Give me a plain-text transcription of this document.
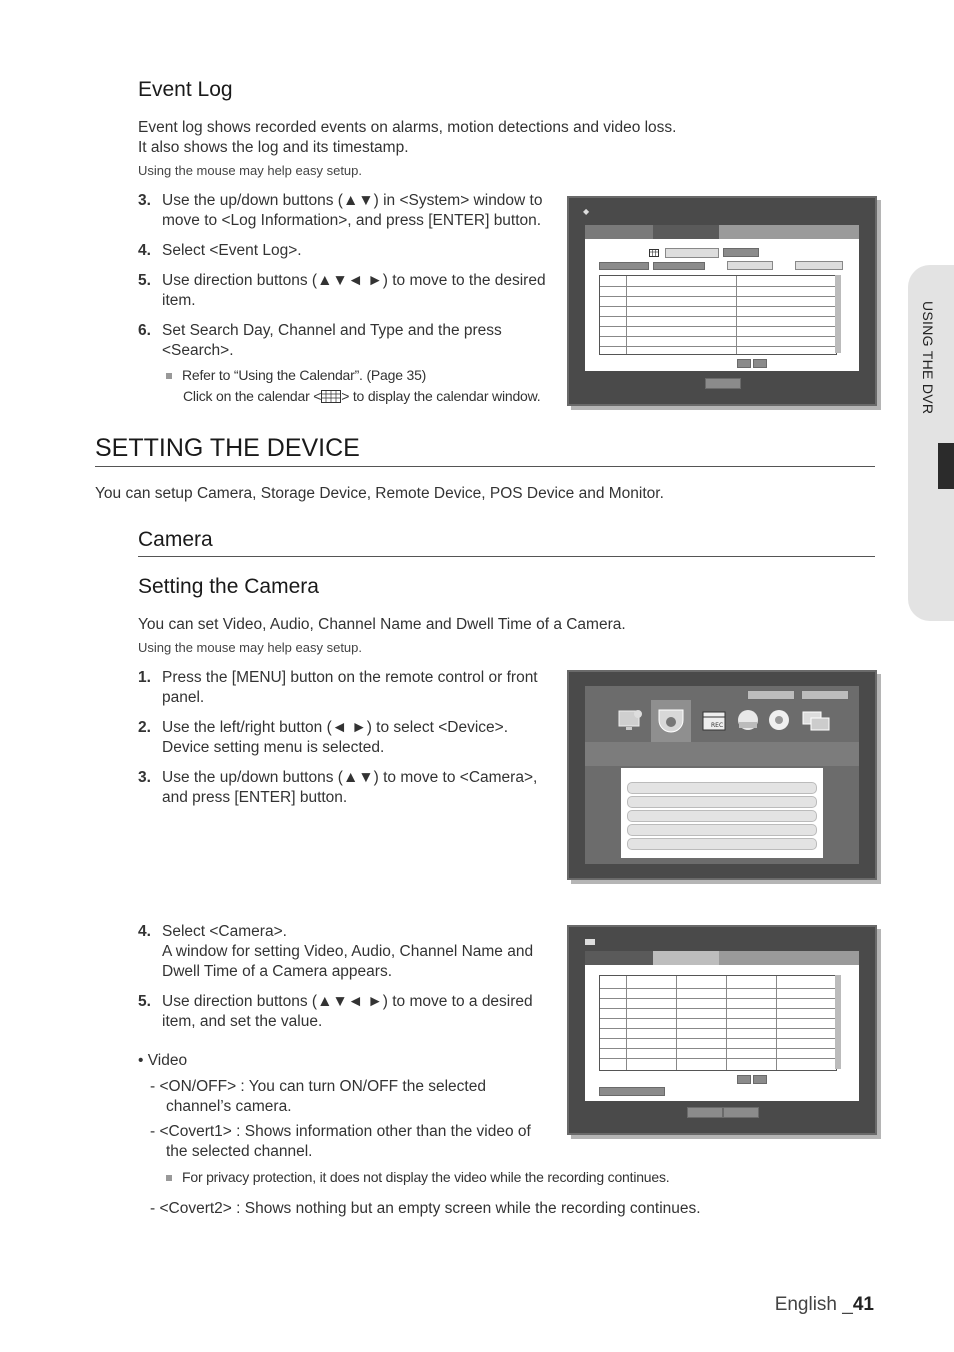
USING THE DVR
Event Log
Event log shows recorded events on alarms, motion detections and video loss.
It also shows the log and its timestamp.
Using the mouse may help easy setup.
3. Use the up/down buttons (▲▼) in <System> window to
move to <Log Information>, and press [ENTER] button.
4. Select <Event Log>.
5. Use direction buttons (▲▼◄ ►) to move to the desired
item.
6. Set Search Day, Channel and Type and the press
<Search>.
Refer to “Using the Calendar”. (Page 35)
Click on the calendar < > to display the calendar window.
◆
SETTING THE DEVICE
You can setup Camera, Storage Device, Remote Device, POS Device and Monitor.
Camera
Setting the Camera
You can set Video, Audio, Channel Name and Dwell Time of a Camera.
Using the mouse may help easy setup.
1. Press the [MENU] button on the remote control or front
panel.
2. Use the left/right button (◄ ►) to select <Device>.
Device setting menu is selected.
3. Use the up/down buttons (▲▼) to move to <Camera>,
and press [ENTER] button.
REC
4. Select <Camera>.
A window for setting Video, Audio, Channel Name and
Dwell Time of a Camera appears.
5. Use direction buttons (▲▼◄ ►) to move to a desired
item, and set the value.
• Video
- <ON/OFF> : You can turn ON/OFF the selected
channel’s camera.
- <Covert1> : Shows information other than the video of
the selected channel.
For privacy protection, it does not display the video while the recording continues.
- <Covert2> : Shows nothing but an empty screen while the recording continues.
English _41
